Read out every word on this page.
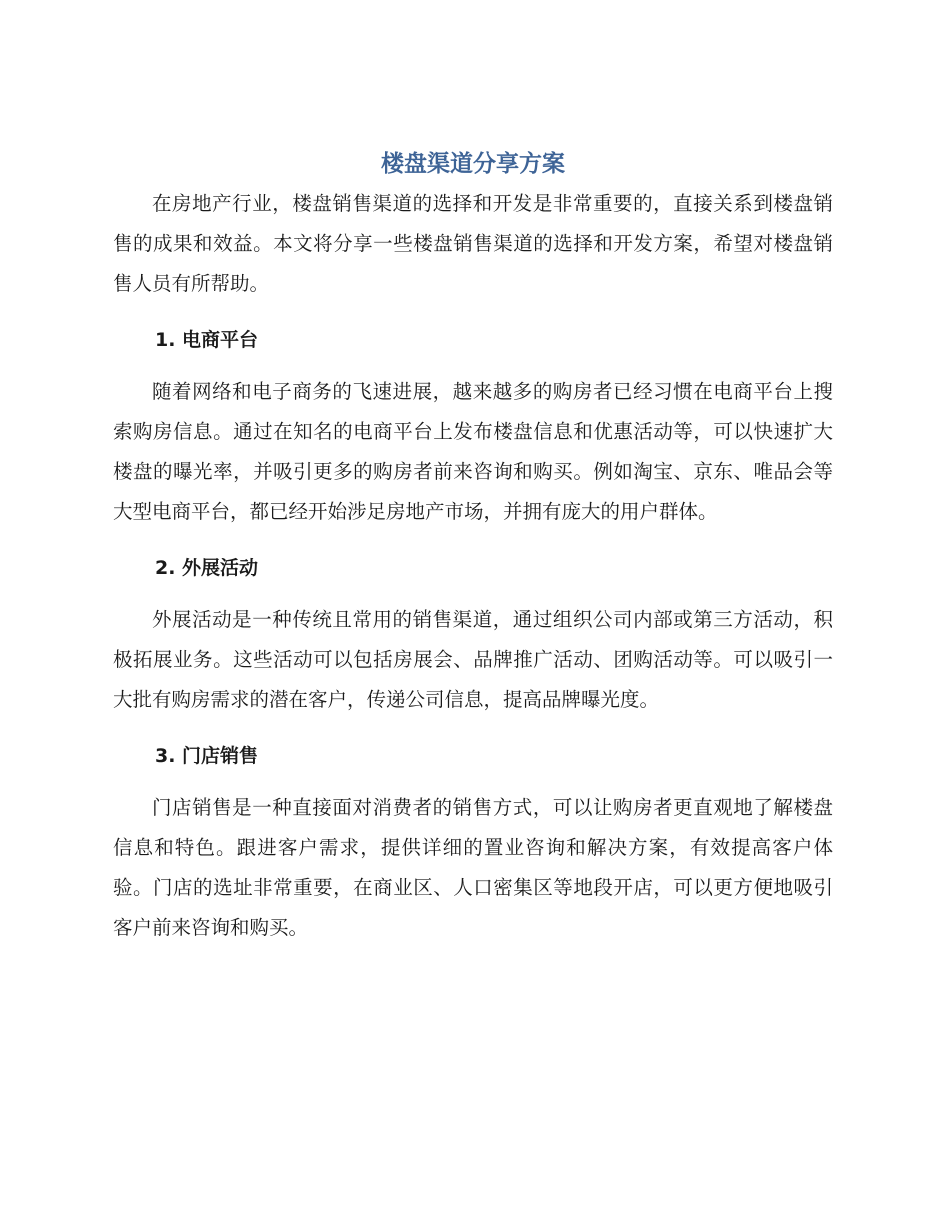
楼盘渠道分享方案

在房地产行业，楼盘销售渠道的选择和开发是非常重要的，直接关系到楼盘销售的成果和效益。本文将分享一些楼盘销售渠道的选择和开发方案，希望对楼盘销售人员有所帮助。

1. 电商平台

随着网络和电子商务的飞速进展，越来越多的购房者已经习惯在电商平台上搜索购房信息。通过在知名的电商平台上发布楼盘信息和优惠活动等，可以快速扩大楼盘的曝光率，并吸引更多的购房者前来咨询和购买。例如淘宝、京东、唯品会等大型电商平台，都已经开始涉足房地产市场，并拥有庞大的用户群体。

2. 外展活动

外展活动是一种传统且常用的销售渠道，通过组织公司内部或第三方活动，积极拓展业务。这些活动可以包括房展会、品牌推广活动、团购活动等。可以吸引一大批有购房需求的潜在客户，传递公司信息，提高品牌曝光度。

3. 门店销售

门店销售是一种直接面对消费者的销售方式，可以让购房者更直观地了解楼盘信息和特色。跟进客户需求，提供详细的置业咨询和解决方案，有效提高客户体验。门店的选址非常重要，在商业区、人口密集区等地段开店，可以更方便地吸引客户前来咨询和购买。
